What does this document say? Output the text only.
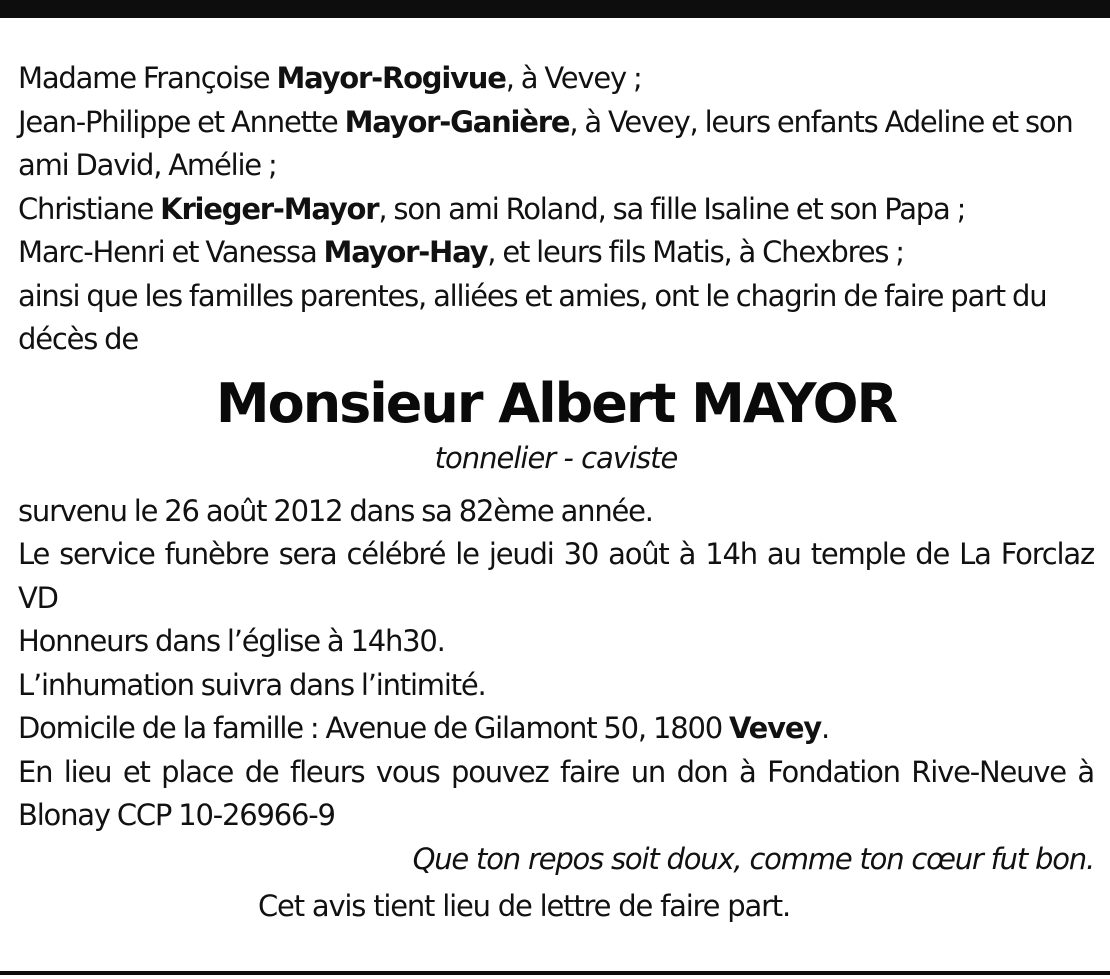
Madame Françoise Mayor-Rogivue, à Vevey ;
Jean-Philippe et Annette Mayor-Ganière, à Vevey, leurs enfants Adeline et son ami David, Amélie ;
Christiane Krieger-Mayor, son ami Roland, sa fille Isaline et son Papa ;
Marc-Henri et Vanessa Mayor-Hay, et leurs fils Matis, à Chexbres ;
ainsi que les familles parentes, alliées et amies, ont le chagrin de faire part du décès de
Monsieur Albert MAYOR
tonnelier - caviste
survenu le 26 août 2012 dans sa 82ème année.
Le service funèbre sera célébré le jeudi 30 août à 14h au temple de La Forclaz VD
Honneurs dans l’église à 14h30.
L’inhumation suivra dans l’intimité.
Domicile de la famille : Avenue de Gilamont 50, 1800 Vevey.
En lieu et place de fleurs vous pouvez faire un don à Fondation Rive-Neuve à Blonay CCP 10-26966-9
Que ton repos soit doux, comme ton cœur fut bon.
Cet avis tient lieu de lettre de faire part.
